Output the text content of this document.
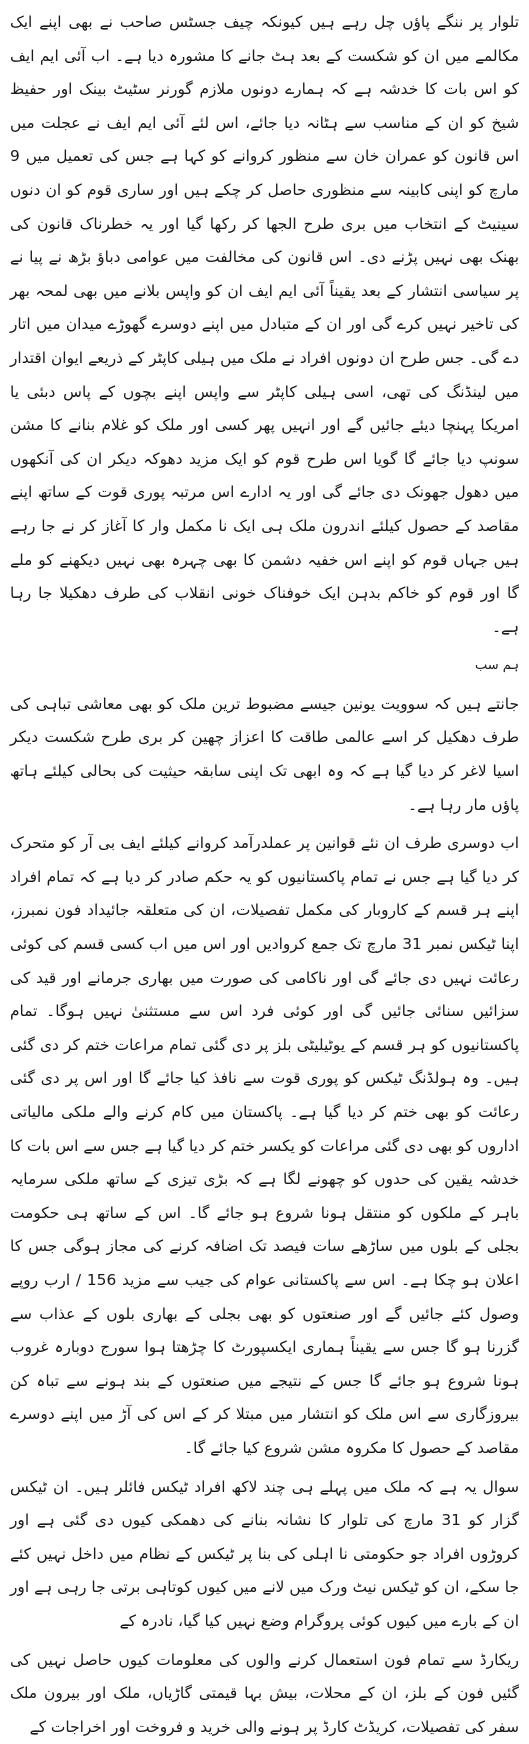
تلوار پر ننگے پاؤں چل رہے ہیں کیونکہ چیف جسٹس صاحب نے بھی اپنے ایک مکالمے میں ان کو شکست کے بعد ہٹ جانے کا مشورہ دیا ہے۔ اب آئی ایم ایف کو اس بات کا خدشہ ہے کہ ہمارے دونوں ملازم گورنر سٹیٹ بینک اور حفیظ شیخ کو ان کے مناسب سے ہٹانہ دیا جائے، اس لئے آئی ایم ایف نے عجلت میں اس قانون کو عمران خان سے منظور کروانے کو کہا ہے جس کی تعمیل میں 9 مارچ کو اپنی کابینہ سے منظوری حاصل کر چکے ہیں اور ساری قوم کو ان دنوں سینیٹ کے انتخاب میں بری طرح الجھا کر رکھا گیا اور یہ خطرناک قانون کی بھنک بھی نہیں پڑنے دی۔ اس قانون کی مخالفت میں عوامی دباؤ بڑھ نے پیا نے پر سیاسی انتشار کے بعد یقیناً آئی ایم ایف ان کو واپس بلانے میں بھی لمحہ بھر کی تاخیر نہیں کرے گی اور ان کے متبادل میں اپنے دوسرے گھوڑے میدان میں اتار دے گی۔ جس طرح ان دونوں افراد نے ملک میں ہیلی کاپٹر کے ذریعے ایوان اقتدار میں لینڈنگ کی تھی، اسی ہیلی کاپٹر سے واپس اپنے بچوں کے پاس دبئی یا امریکا پہنچا دیئے جائیں گے اور انہیں پھر کسی اور ملک کو غلام بنانے کا مشن سونپ دیا جائے گا گویا اس طرح قوم کو ایک مزید دھوکہ دیکر ان کی آنکھوں میں دھول جھونک دی جائے گی اور یہ ادارے اس مرتبہ پوری قوت کے ساتھ اپنے مقاصد کے حصول کیلئے اندرون ملک ہی ایک نا مکمل وار کا آغاز کر نے جا رہے ہیں جہاں قوم کو اپنے اس خفیہ دشمن کا بھی چہرہ بھی نہیں دیکھنے کو ملے گا اور قوم کو خاکم بدہن ایک خوفناک خونی انقلاب کی طرف دھکیلا جا رہا ہے۔

ہم سب

جانتے ہیں کہ سوویت یونین جیسے مضبوط ترین ملک کو بھی معاشی تباہی کی طرف دھکیل کر اسے عالمی طاقت کا اعزاز چھین کر بری طرح شکست دیکر اسیا لاغر کر دیا گیا ہے کہ وہ ابھی تک اپنی سابقہ حیثیت کی بحالی کیلئے ہاتھ پاؤں مار رہا ہے۔

اب دوسری طرف ان نئے قوانین پر عملدرآمد کروانے کیلئے ایف بی آر کو متحرک کر دیا گیا ہے جس نے تمام پاکستانیوں کو یہ حکم صادر کر دیا ہے کہ تمام افراد اپنے ہر قسم کے کاروبار کی مکمل تفصیلات، ان کی متعلقہ جائیداد فون نمبرز، اپنا ٹیکس نمبر 31 مارچ تک جمع کروادیں اور اس میں اب کسی قسم کی کوئی رعائت نہیں دی جائے گی اور ناکامی کی صورت میں بھاری جرمانے اور قید کی سزائیں سنائی جائیں گی اور کوئی فرد اس سے مستثنیٰ نہیں ہوگا۔ تمام پاکستانیوں کو ہر قسم کے یوٹیلیٹی بلز پر دی گئی تمام مراعات ختم کر دی گئی ہیں۔ وہ ہولڈنگ ٹیکس کو پوری قوت سے نافذ کیا جائے گا اور اس پر دی گئی رعائت کو بھی ختم کر دیا گیا ہے۔ پاکستان میں کام کرنے والے ملکی مالیاتی اداروں کو بھی دی گئی مراعات کو یکسر ختم کر دیا گیا ہے جس سے اس بات کا خدشہ یقین کی حدوں کو چھونے لگا ہے کہ بڑی تیزی کے ساتھ ملکی سرمایہ باہر کے ملکوں کو منتقل ہونا شروع ہو جائے گا۔ اس کے ساتھ ہی حکومت بجلی کے بلوں میں ساڑھے سات فیصد تک اضافہ کرنے کی مجاز ہوگی جس کا اعلان ہو چکا ہے۔ اس سے پاکستانی عوام کی جیب سے مزید 156 / ارب روپے وصول کئے جائیں گے اور صنعتوں کو بھی بجلی کے بھاری بلوں کے عذاب سے گزرنا ہو گا جس سے یقیناً ہماری ایکسپورٹ کا چڑھتا ہوا سورج دوبارہ غروب ہونا شروع ہو جائے گا جس کے نتیجے میں صنعتوں کے بند ہونے سے تباہ کن بیروزگاری سے اس ملک کو انتشار میں مبتلا کر کے اس کی آڑ میں اپنے دوسرے مقاصد کے حصول کا مکروہ مشن شروع کیا جائے گا۔

سوال یہ ہے کہ ملک میں پہلے ہی چند لاکھ افراد ٹیکس فائلر ہیں۔ ان ٹیکس گزار کو 31 مارچ کی تلوار کا نشانہ بنانے کی دھمکی کیوں دی گئی ہے اور کروڑوں افراد جو حکومتی نا اہلی کی بنا پر ٹیکس کے نظام میں داخل نہیں کئے جا سکے، ان کو ٹیکس نیٹ ورک میں لانے میں کیوں کوتاہی برتی جا رہی ہے اور ان کے بارے میں کیوں کوئی پروگرام وضع نہیں کیا گیا، نادرہ کے

ریکارڈ سے تمام فون استعمال کرنے والوں کی معلومات کیوں حاصل نہیں کی گئیں فون کے بلز، ان کے محلات، بیش بہا قیمتی گاڑیاں، ملک اور بیرون ملک سفر کی تفصیلات، کریڈٹ کارڈ پر ہونے والی خرید و فروخت اور اخراجات کے
